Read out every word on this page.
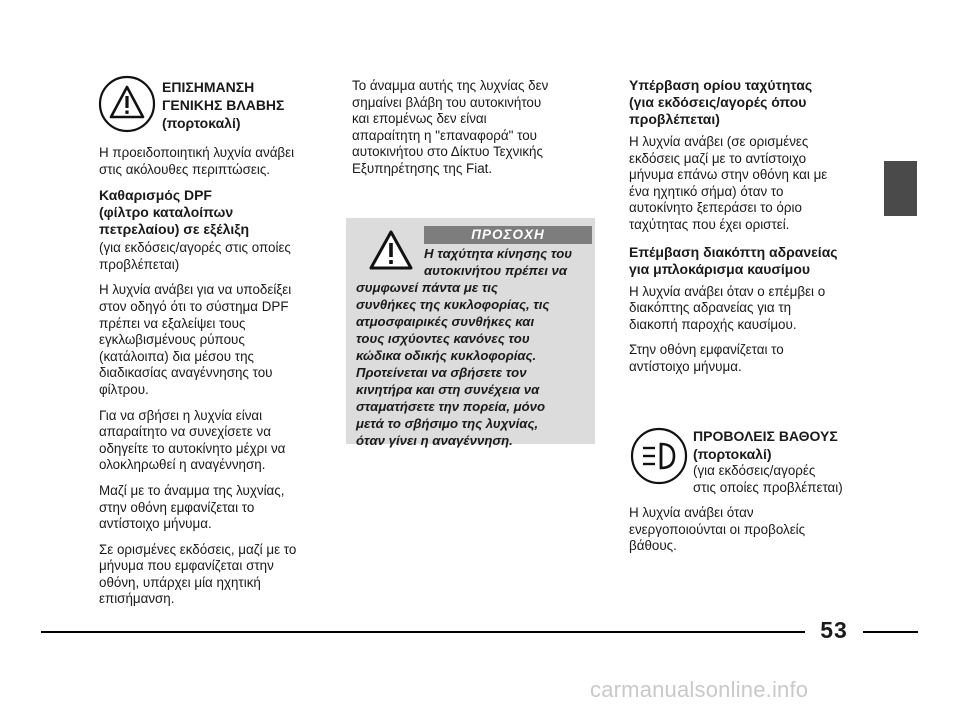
ΕΠΙΣΗΜΑΝΣΗ
ΓΕΝΙΚΗΣ ΒΛΑΒΗΣ
(πορτοκαλί)

Η προειδοποιητική λυχνία ανάβει
στις ακόλουθες περιπτώσεις.

Καθαρισμός DPF
(φίλτρο καταλοίπων
πετρελαίου) σε εξέλιξη
(για εκδόσεις/αγορές στις οποίες
προβλέπεται)

Η λυχνία ανάβει για να υποδείξει
στον οδηγό ότι το σύστημα DPF
πρέπει να εξαλείψει τους
εγκλωβισμένους ρύπους
(κατάλοιπα) δια μέσου της
διαδικασίας αναγέννησης του
φίλτρου.

Για να σβήσει η λυχνία είναι
απαραίτητο να συνεχίσετε να
οδηγείτε το αυτοκίνητο μέχρι να
ολοκληρωθεί η αναγέννηση.

Μαζί με το άναμμα της λυχνίας,
στην οθόνη εμφανίζεται το
αντίστοιχο μήνυμα.

Σε ορισμένες εκδόσεις, μαζί με το
μήνυμα που εμφανίζεται στην
οθόνη, υπάρχει μία ηχητική
επισήμανση.

Το άναμμα αυτής της λυχνίας δεν
σημαίνει βλάβη του αυτοκινήτου
και επομένως δεν είναι
απαραίτητη η "επαναφορά" του
αυτοκινήτου στο Δίκτυο Τεχνικής
Εξυπηρέτησης της Fiat.

ΠΡΟΣΟΧΗ
Η ταχύτητα κίνησης του
αυτοκινήτου πρέπει να
συμφωνεί πάντα με τις
συνθήκες της κυκλοφορίας, τις
ατμοσφαιρικές συνθήκες και
τους ισχύοντες κανόνες του
κώδικα οδικής κυκλοφορίας.
Προτείνεται να σβήσετε τον
κινητήρα και στη συνέχεια να
σταματήσετε την πορεία, μόνο
μετά το σβήσιμο της λυχνίας,
όταν γίνει η αναγέννηση.
Υπέρβαση ορίου ταχύτητας
(για εκδόσεις/αγορές όπου
προβλέπεται)

Η λυχνία ανάβει (σε ορισμένες
εκδόσεις μαζί με το αντίστοιχο
μήνυμα επάνω στην οθόνη και με
ένα ηχητικό σήμα) όταν το
αυτοκίνητο ξεπεράσει το όριο
ταχύτητας που έχει οριστεί.

Επέμβαση διακόπτη αδρανείας
για μπλοκάρισμα καυσίμου

Η λυχνία ανάβει όταν ο επέμβει ο
διακόπτης αδρανείας για τη
διακοπή παροχής καυσίμου.

Στην οθόνη εμφανίζεται το
αντίστοιχο μήνυμα.

ΠΡΟΒΟΛΕΙΣ ΒΑΘΟΥΣ
(πορτοκαλί)
(για εκδόσεις/αγορές
στις οποίες προβλέπεται)

Η λυχνία ανάβει όταν
ενεργοποιούνται οι προβολείς
βάθους.

53
carmanualsonline.info
